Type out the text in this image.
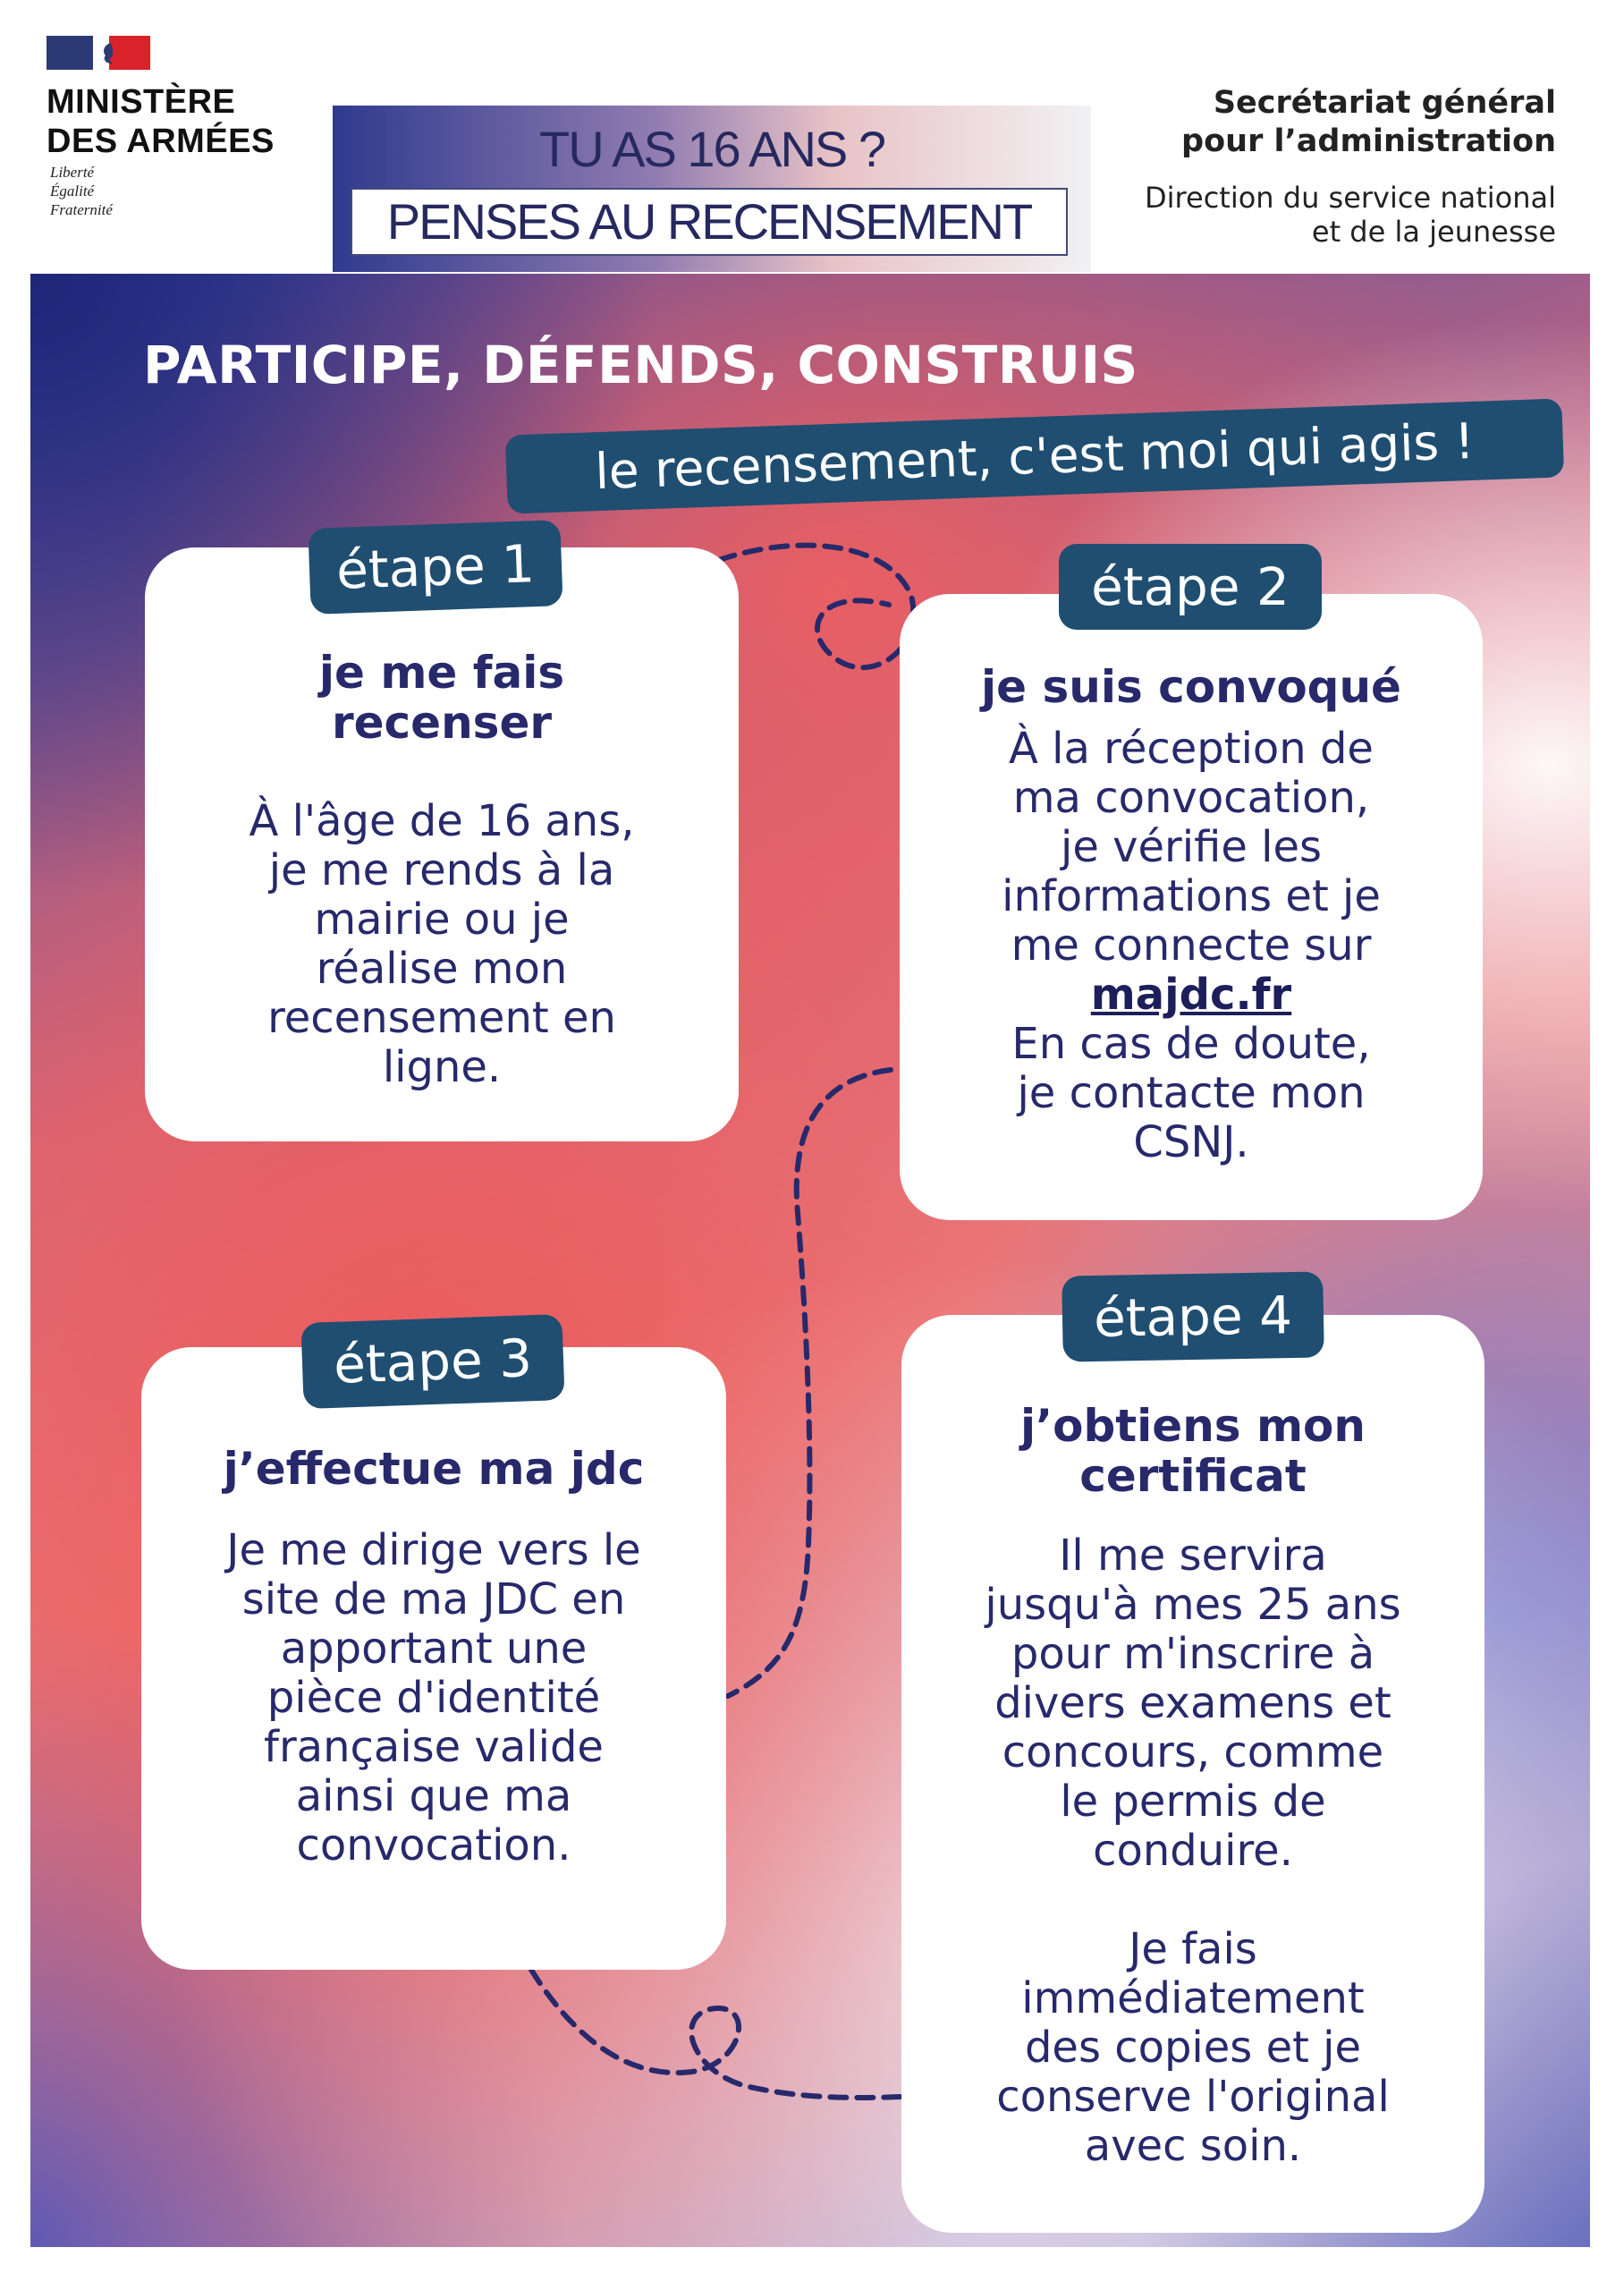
MINISTÈRE
DES ARMÉES
Liberté
Égalité
Fraternité
TU AS 16 ANS ?
PENSES AU RECENSEMENT
Secrétariat général
pour l’administration
Direction du service national
et de la jeunesse
PARTICIPE, DÉFENDS, CONSTRUIS
le recensement, c'est moi qui agis !
je me fais
recenser
À l'âge de 16 ans,
je me rends à la
mairie ou je
réalise mon
recensement en
ligne.
étape 1
je suis convoqué
À la réception de
ma convocation,
je vérifie les
informations et je
me connecte sur
majdc.fr
En cas de doute,
je contacte mon
CSNJ.
étape 2
j’effectue ma jdc
Je me dirige vers le
site de ma JDC en
apportant une
pièce d'identité
française valide
ainsi que ma
convocation.
étape 3
j’obtiens mon
certificat
Il me servira
jusqu'à mes 25 ans
pour m'inscrire à
divers examens et
concours, comme
le permis de
conduire.
Je fais
immédiatement
des copies et je
conserve l'original
avec soin.
étape 4
